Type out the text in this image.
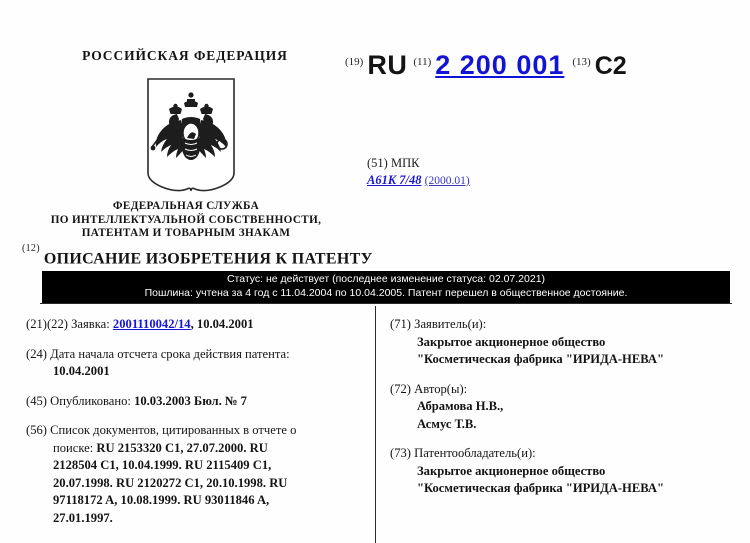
РОССИЙСКАЯ ФЕДЕРАЦИЯ
ФЕДЕРАЛЬНАЯ СЛУЖБА
ПО ИНТЕЛЛЕКТУАЛЬНОЙ СОБСТВЕННОСТИ,
ПАТЕНТАМ И ТОВАРНЫМ ЗНАКАМ
(19) RU (11) 2 200 001 (13) C2
(51) МПК
A61K 7/48 (2000.01)
$^{(12)}$ОПИСАНИЕ ИЗОБРЕТЕНИЯ К ПАТЕНТУ
Статус: не действует (последнее изменение статуса: 02.07.2021)
Пошлина: учтена за 4 год с 11.04.2004 по 10.04.2005. Патент перешел в общественное достояние.
(21)(22) Заявка: 2001110042/14, 10.04.2001
(24) Дата начала отсчета срока действия патента:
10.04.2001
(45) Опубликовано: 10.03.2003 Бюл. № 7
(56) Список документов, цитированных в отчете о
поиске: RU 2153320 C1, 27.07.2000. RU
2128504 C1, 10.04.1999. RU 2115409 C1,
20.07.1998. RU 2120272 C1, 20.10.1998. RU
97118172 A, 10.08.1999. RU 93011846 A,
27.01.1997.
(71) Заявитель(и):
Закрытое акционерное общество
"Косметическая фабрика "ИРИДА-НЕВА"
(72) Автор(ы):
Абрамова Н.В.,
Асмус Т.В.
(73) Патентообладатель(и):
Закрытое акционерное общество
"Косметическая фабрика "ИРИДА-НЕВА"
